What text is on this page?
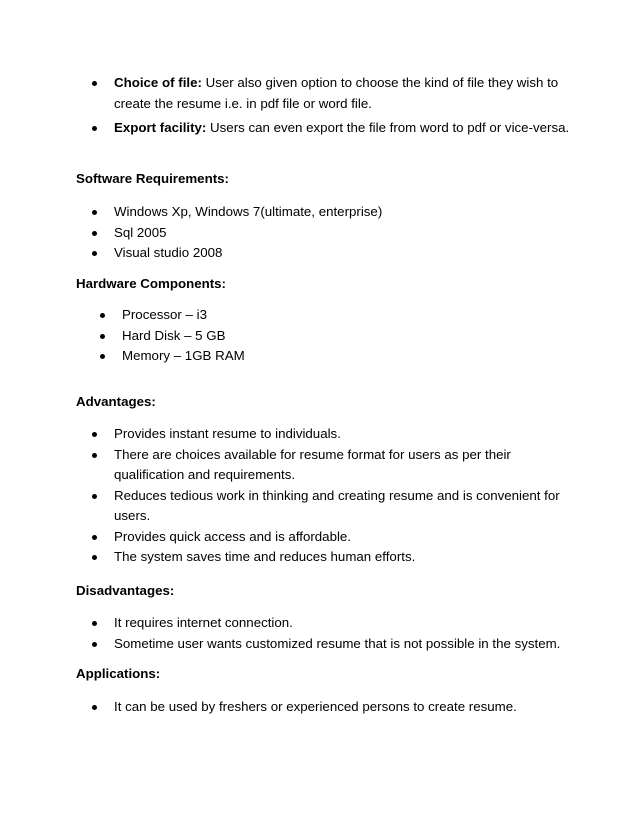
Choice of file: User also given option to choose the kind of file they wish to create the resume i.e. in pdf file or word file.
Export facility: Users can even export the file from word to pdf or vice-versa.
Software Requirements:
Windows Xp, Windows 7(ultimate, enterprise)
Sql 2005
Visual studio 2008
Hardware Components:
Processor – i3
Hard Disk – 5 GB
Memory – 1GB RAM
Advantages:
Provides instant resume to individuals.
There are choices available for resume format for users as per their qualification and requirements.
Reduces tedious work in thinking and creating resume and is convenient for users.
Provides quick access and is affordable.
The system saves time and reduces human efforts.
Disadvantages:
It requires internet connection.
Sometime user wants customized resume that is not possible in the system.
Applications:
It can be used by freshers or experienced persons to create resume.
